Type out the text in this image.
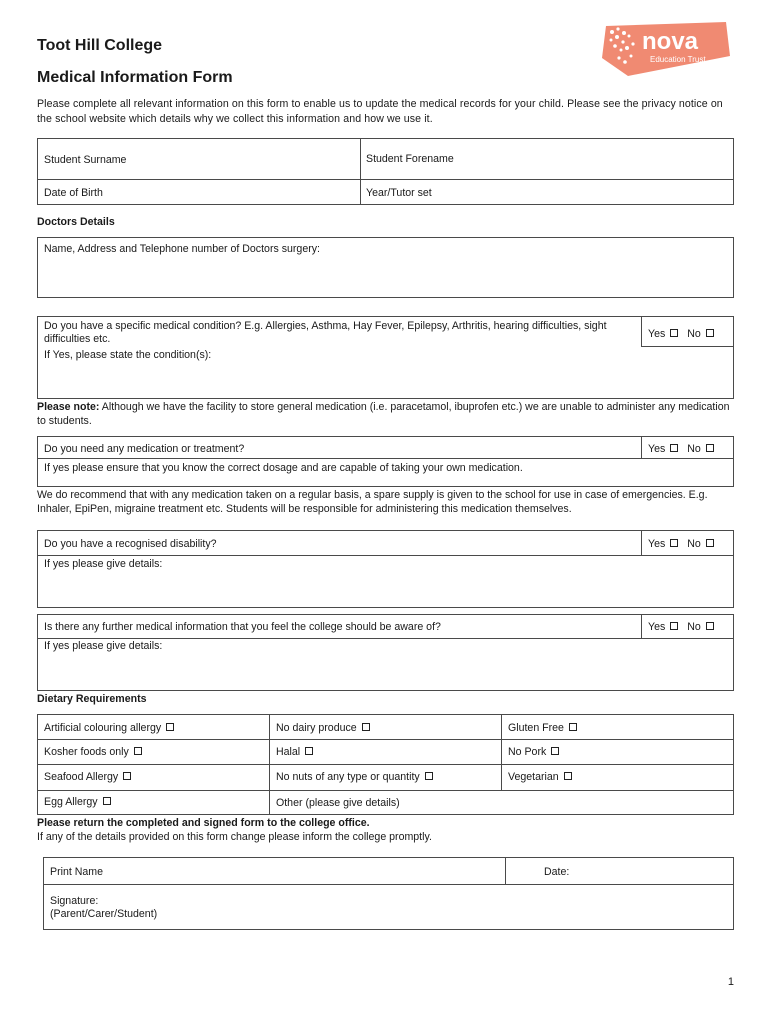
Toot Hill College
Medical Information Form
Please complete all relevant information on this form to enable us to update the medical records for your child. Please see the privacy notice on the school website which details why we collect this information and how we use it.
nova
Education Trust
Student Surname	Student Forename
Date of Birth	Year/Tutor set
Doctors Details
Name, Address and Telephone number of Doctors surgery:
Do you have a specific medical condition? E.g. Allergies, Asthma, Hay Fever, Epilepsy, Arthritis, hearing difficulties, sight difficulties etc.
If Yes, please state the condition(s):
Yes No
Please note: Although we have the facility to store general medication (i.e. paracetamol, ibuprofen etc.) we are unable to administer any medication to students.
Do you need any medication or treatment?
If yes please ensure that you know the correct dosage and are capable of taking your own medication.
Yes No
We do recommend that with any medication taken on a regular basis, a spare supply is given to the school for use in case of emergencies. E.g. Inhaler, EpiPen, migraine treatment etc. Students will be responsible for administering this medication themselves.
Do you have a recognised disability?
If yes please give details:
Yes No
Is there any further medical information that you feel the college should be aware of?
If yes please give details:
Yes No
Dietary Requirements
Artificial colouring allergy	No dairy produce	Gluten Free
Kosher foods only	Halal	No Pork
Seafood Allergy	No nuts of any type or quantity	Vegetarian
Egg Allergy	Other (please give details)
Please return the completed and signed form to the college office.
If any of the details provided on this form change please inform the college promptly.
Print Name	Date:
Signature:
(Parent/Carer/Student)
1
